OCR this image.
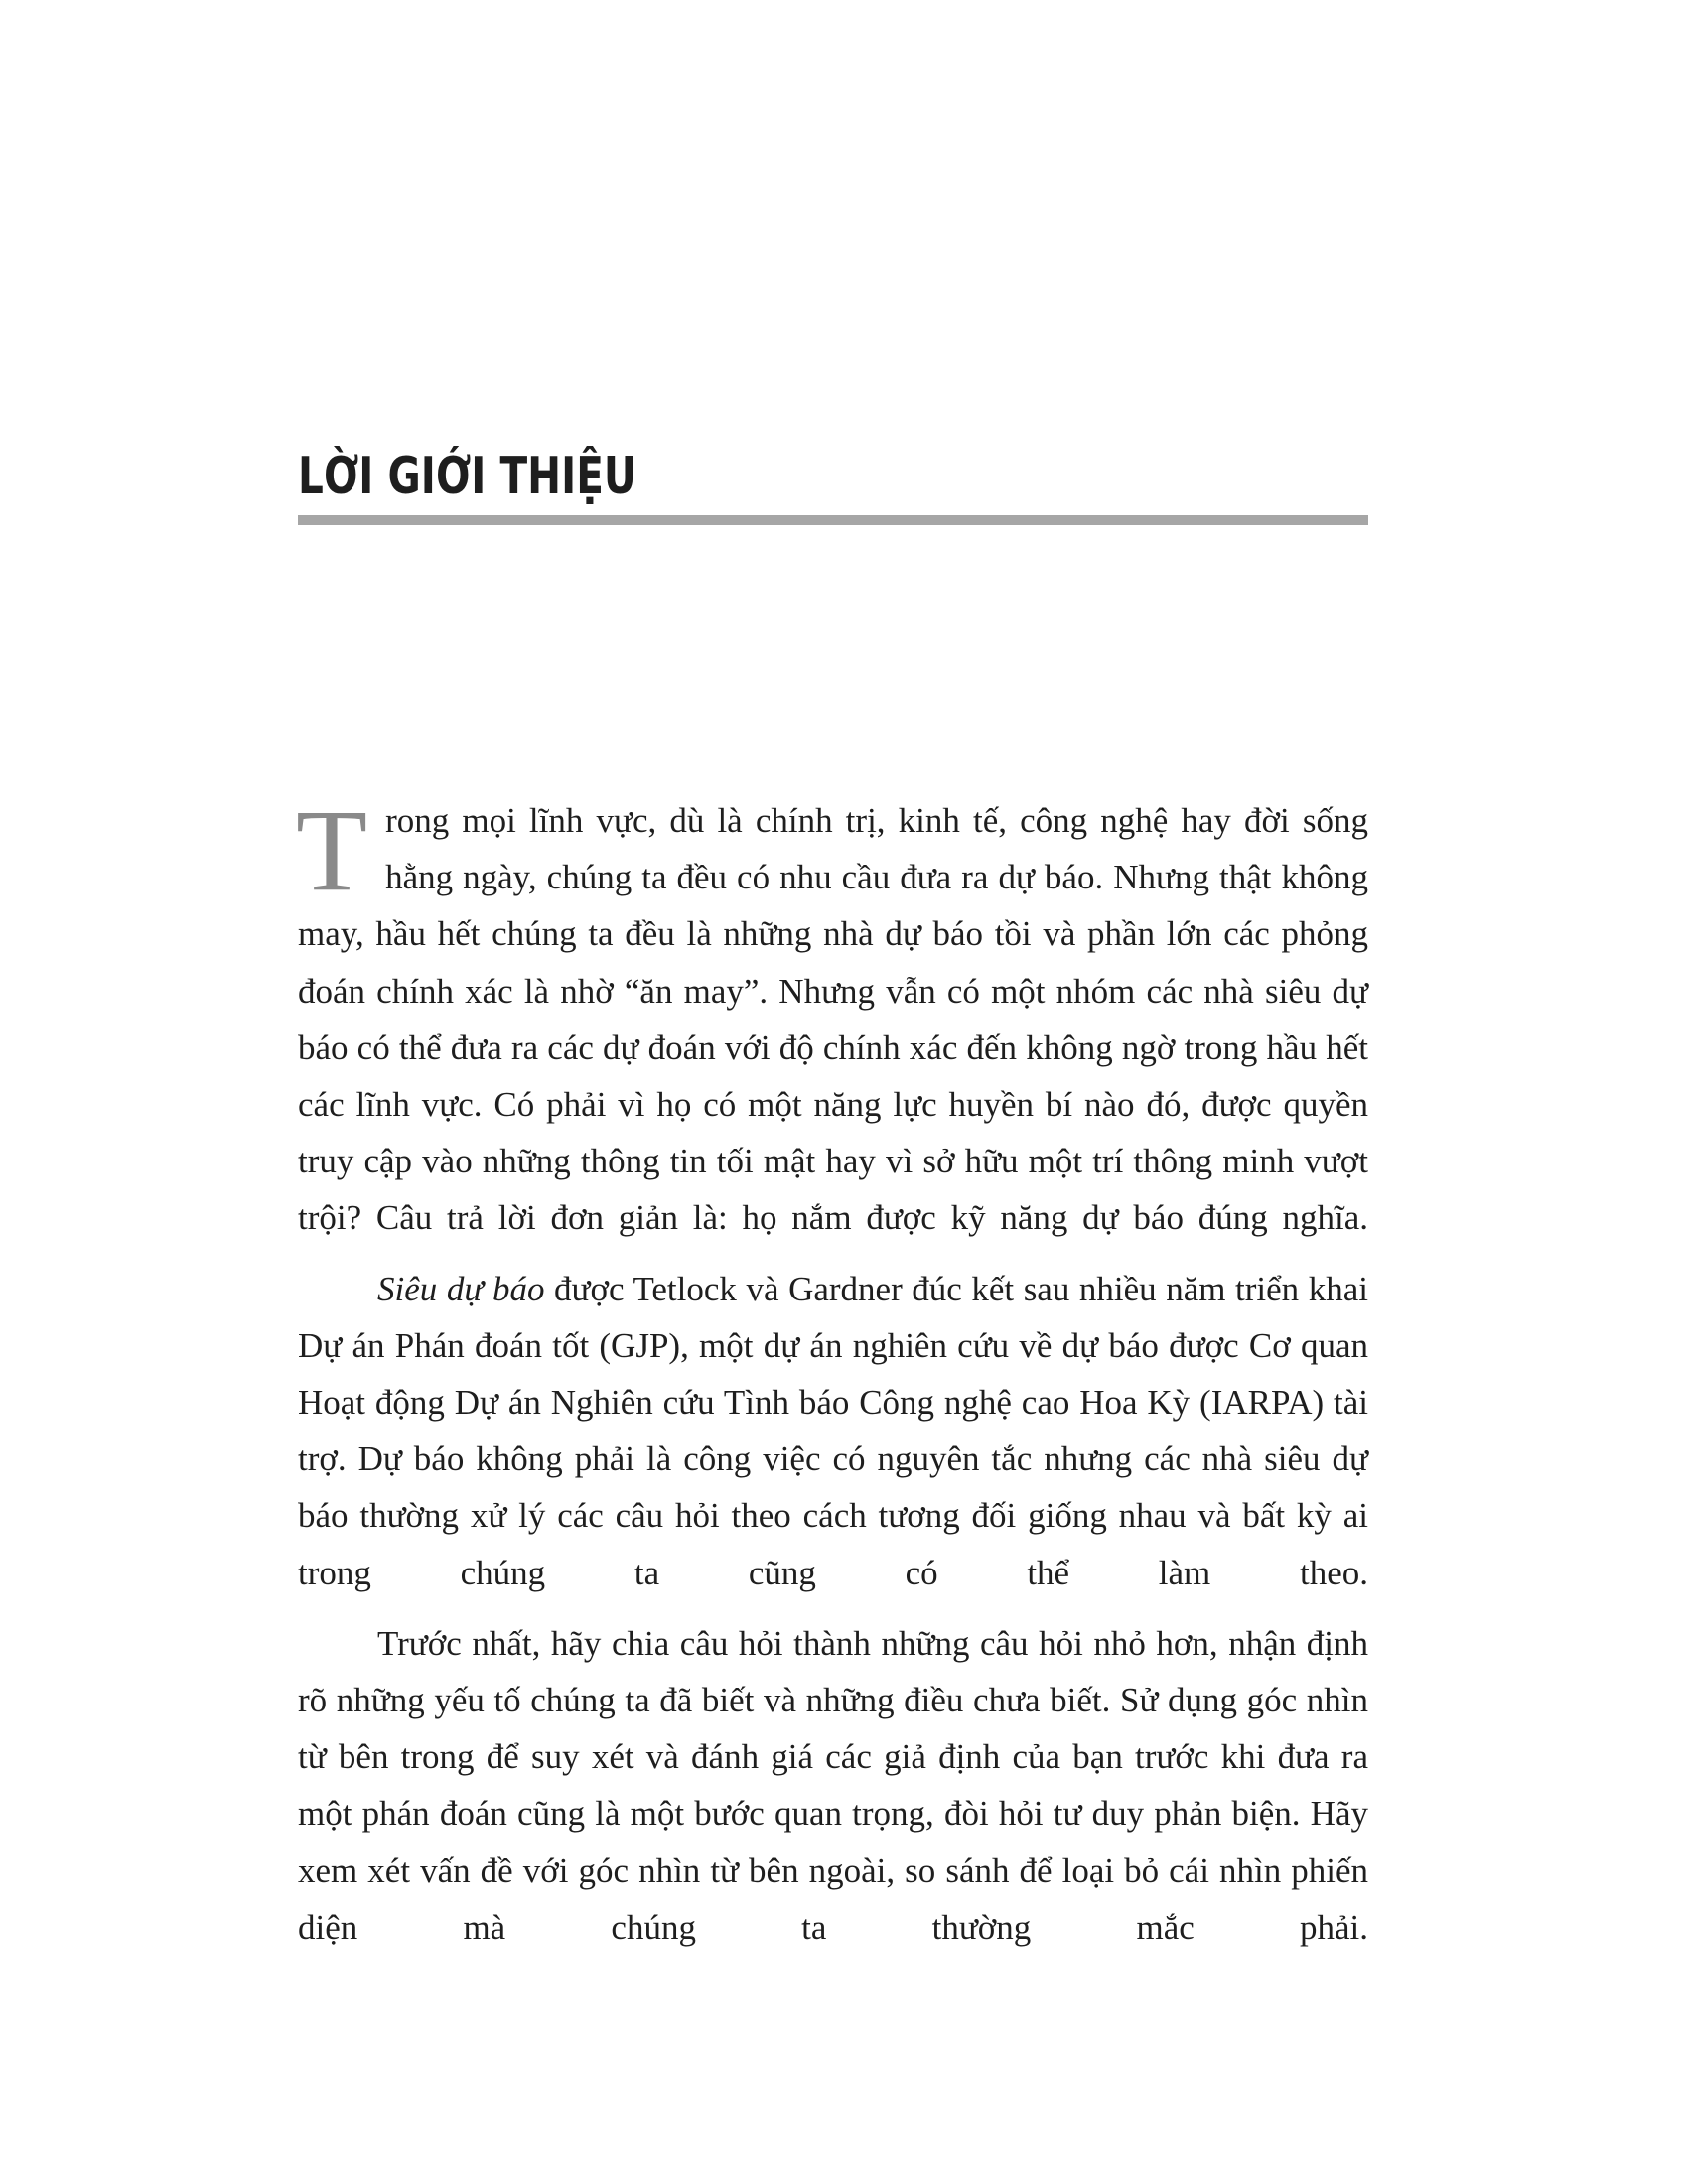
LỜI GIỚI THIỆU

Trong mọi lĩnh vực, dù là chính trị, kinh tế, công nghệ hay đời sống hằng ngày, chúng ta đều có nhu cầu đưa ra dự báo. Nhưng thật không may, hầu hết chúng ta đều là những nhà dự báo tồi và phần lớn các phỏng đoán chính xác là nhờ “ăn may”. Nhưng vẫn có một nhóm các nhà siêu dự báo có thể đưa ra các dự đoán với độ chính xác đến không ngờ trong hầu hết các lĩnh vực. Có phải vì họ có một năng lực huyền bí nào đó, được quyền truy cập vào những thông tin tối mật hay vì sở hữu một trí thông minh vượt trội? Câu trả lời đơn giản là: họ nắm được kỹ năng dự báo đúng nghĩa.

Siêu dự báo được Tetlock và Gardner đúc kết sau nhiều năm triển khai Dự án Phán đoán tốt (GJP), một dự án nghiên cứu về dự báo được Cơ quan Hoạt động Dự án Nghiên cứu Tình báo Công nghệ cao Hoa Kỳ (IARPA) tài trợ. Dự báo không phải là công việc có nguyên tắc nhưng các nhà siêu dự báo thường xử lý các câu hỏi theo cách tương đối giống nhau và bất kỳ ai trong chúng ta cũng có thể làm theo.

Trước nhất, hãy chia câu hỏi thành những câu hỏi nhỏ hơn, nhận định rõ những yếu tố chúng ta đã biết và những điều chưa biết. Sử dụng góc nhìn từ bên trong để suy xét và đánh giá các giả định của bạn trước khi đưa ra một phán đoán cũng là một bước quan trọng, đòi hỏi tư duy phản biện. Hãy xem xét vấn đề với góc nhìn từ bên ngoài, so sánh để loại bỏ cái nhìn phiến diện mà chúng ta thường mắc phải.
